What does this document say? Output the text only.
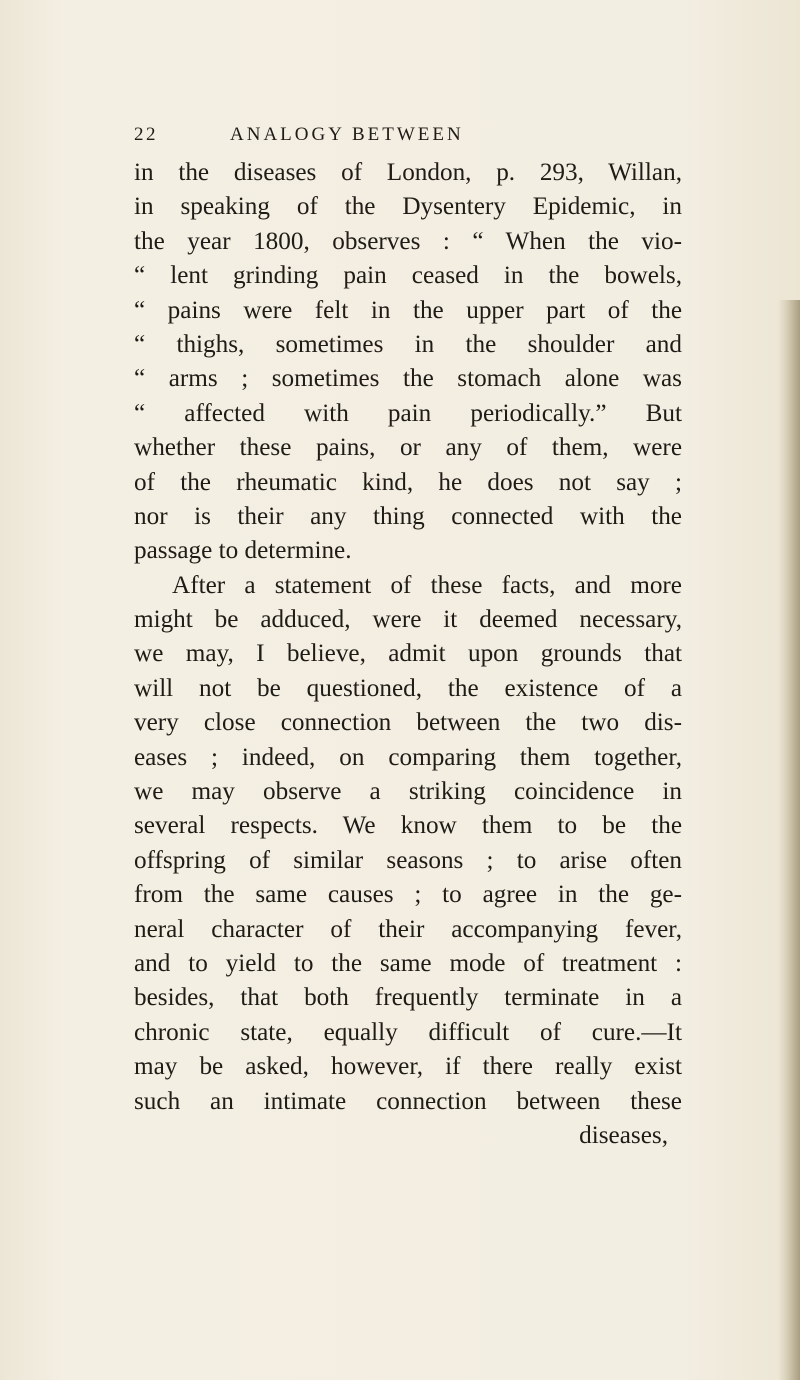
22	ANALOGY BETWEEN
in the diseases of London, p. 293, Willan,
in speaking of the Dysentery Epidemic, in
the year 1800, observes : “ When the vio-
“ lent grinding pain ceased in the bowels,
“ pains were felt in the upper part of the
“ thighs, sometimes in the shoulder and
“ arms ; sometimes the stomach alone was
“ affected with pain periodically.” But
whether these pains, or any of them, were
of the rheumatic kind, he does not say ;
nor is their any thing connected with the
passage to determine.
After a statement of these facts, and more
might be adduced, were it deemed necessary,
we may, I believe, admit upon grounds that
will not be questioned, the existence of a
very close connection between the two dis-
eases ; indeed, on comparing them together,
we may observe a striking coincidence in
several respects. We know them to be the
offspring of similar seasons ; to arise often
from the same causes ; to agree in the ge-
neral character of their accompanying fever,
and to yield to the same mode of treatment :
besides, that both frequently terminate in a
chronic state, equally difficult of cure.—It
may be asked, however, if there really exist
such an intimate connection between these
diseases,
